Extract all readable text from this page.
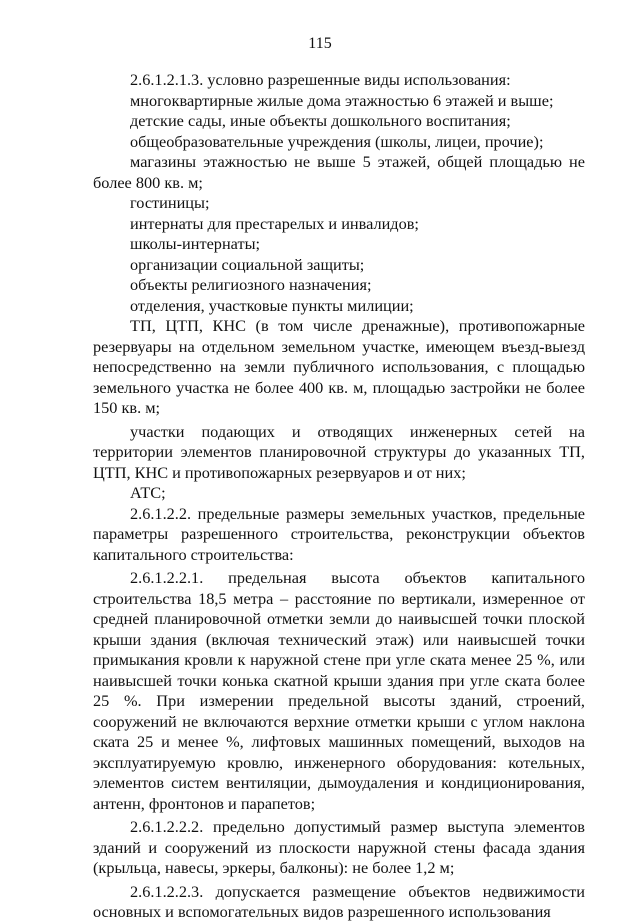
115

2.6.1.2.1.3. условно разрешенные виды использования:

многоквартирные жилые дома этажностью 6 этажей и выше;

детские сады, иные объекты дошкольного воспитания;

общеобразовательные учреждения (школы, лицеи, прочие);

магазины этажностью не выше 5 этажей, общей площадью не более 800 кв. м;

гостиницы;

интернаты для престарелых и инвалидов;

школы-интернаты;

организации социальной защиты;

объекты религиозного назначения;

отделения, участковые пункты милиции;

ТП, ЦТП, КНС (в том числе дренажные), противопожарные резервуары на отдельном земельном участке, имеющем въезд-выезд непосредственно на земли публичного использования, с площадью земельного участка не более 400 кв. м, площадью застройки не более 150 кв. м;

участки подающих и отводящих инженерных сетей на территории элементов планировочной структуры до указанных ТП, ЦТП, КНС и противопожарных резервуаров и от них;

АТС;

2.6.1.2.2. предельные размеры земельных участков, предельные параметры разрешенного строительства, реконструкции объектов капитального строительства:

2.6.1.2.2.1. предельная высота объектов капитального строительства 18,5 метра – расстояние по вертикали, измеренное от средней планировочной отметки земли до наивысшей точки плоской крыши здания (включая технический этаж) или наивысшей точки примыкания кровли к наружной стене при угле ската менее 25 %, или наивысшей точки конька скатной крыши здания при угле ската более 25 %. При измерении предельной высоты зданий, строений, сооружений не включаются верхние отметки крыши с углом наклона ската 25 и менее %, лифтовых машинных помещений, выходов на эксплуатируемую кровлю, инженерного оборудования: котельных, элементов систем вентиляции, дымоудаления и кондиционирования, антенн, фронтонов и парапетов;

2.6.1.2.2.2. предельно допустимый размер выступа элементов зданий и сооружений из плоскости наружной стены фасада здания (крыльца, навесы, эркеры, балконы): не более 1,2 м;

2.6.1.2.2.3. допускается размещение объектов недвижимости основных и вспомогательных видов разрешенного использования
